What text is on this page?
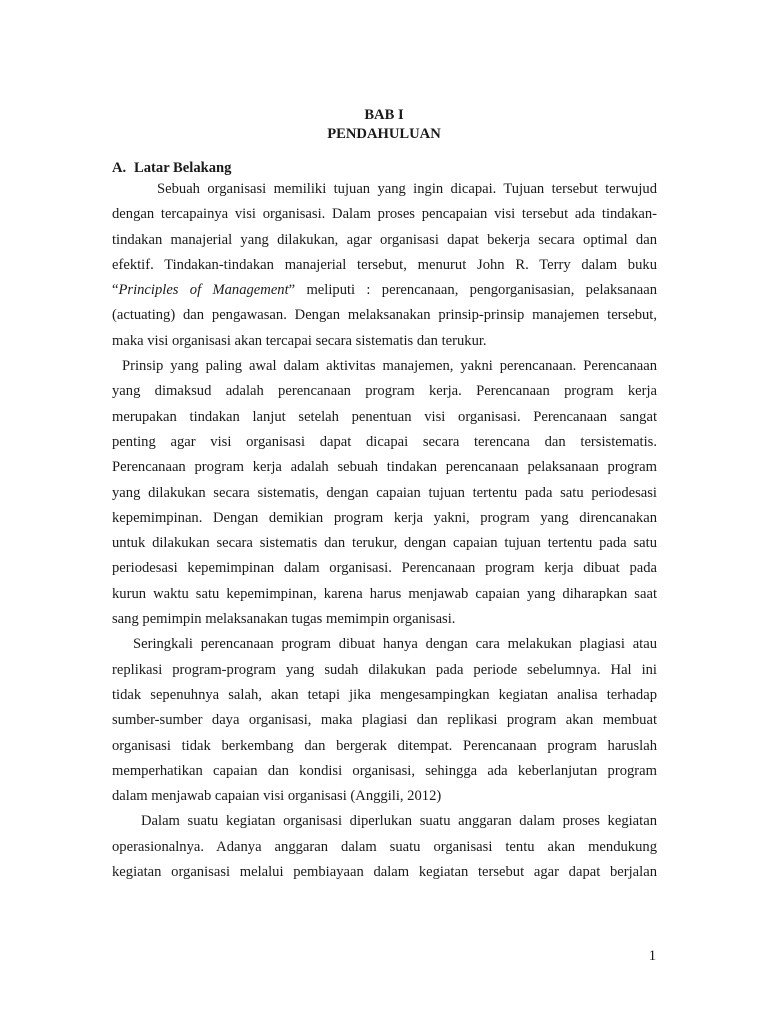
BAB I
PENDAHULUAN
A. Latar Belakang
Sebuah organisasi memiliki tujuan yang ingin dicapai. Tujuan tersebut terwujud
dengan tercapainya visi organisasi. Dalam proses pencapaian visi tersebut ada tindakan-
tindakan manajerial yang dilakukan, agar organisasi dapat bekerja secara optimal dan
efektif. Tindakan-tindakan manajerial tersebut, menurut John R. Terry dalam buku
“Principles of Management” meliputi : perencanaan, pengorganisasian, pelaksanaan
(actuating) dan pengawasan. Dengan melaksanakan prinsip-prinsip manajemen tersebut,
maka visi organisasi akan tercapai secara sistematis dan terukur.
Prinsip yang paling awal dalam aktivitas manajemen, yakni perencanaan. Perencanaan
yang dimaksud adalah perencanaan program kerja. Perencanaan program kerja
merupakan tindakan lanjut setelah penentuan visi organisasi. Perencanaan sangat
penting agar visi organisasi dapat dicapai secara terencana dan tersistematis.
Perencanaan program kerja adalah sebuah tindakan perencanaan pelaksanaan program
yang dilakukan secara sistematis, dengan capaian tujuan tertentu pada satu periodesasi
kepemimpinan. Dengan demikian program kerja yakni, program yang direncanakan
untuk dilakukan secara sistematis dan terukur, dengan capaian tujuan tertentu pada satu
periodesasi kepemimpinan dalam organisasi. Perencanaan program kerja dibuat pada
kurun waktu satu kepemimpinan, karena harus menjawab capaian yang diharapkan saat
sang pemimpin melaksanakan tugas memimpin organisasi.
Seringkali perencanaan program dibuat hanya dengan cara melakukan plagiasi atau
replikasi program-program yang sudah dilakukan pada periode sebelumnya. Hal ini
tidak sepenuhnya salah, akan tetapi jika mengesampingkan kegiatan analisa terhadap
sumber-sumber daya organisasi, maka plagiasi dan replikasi program akan membuat
organisasi tidak berkembang dan bergerak ditempat. Perencanaan program haruslah
memperhatikan capaian dan kondisi organisasi, sehingga ada keberlanjutan program
dalam menjawab capaian visi organisasi (Anggili, 2012)
Dalam suatu kegiatan organisasi diperlukan suatu anggaran dalam proses kegiatan
operasionalnya. Adanya anggaran dalam suatu organisasi tentu akan mendukung
kegiatan organisasi melalui pembiayaan dalam kegiatan tersebut agar dapat berjalan
1
